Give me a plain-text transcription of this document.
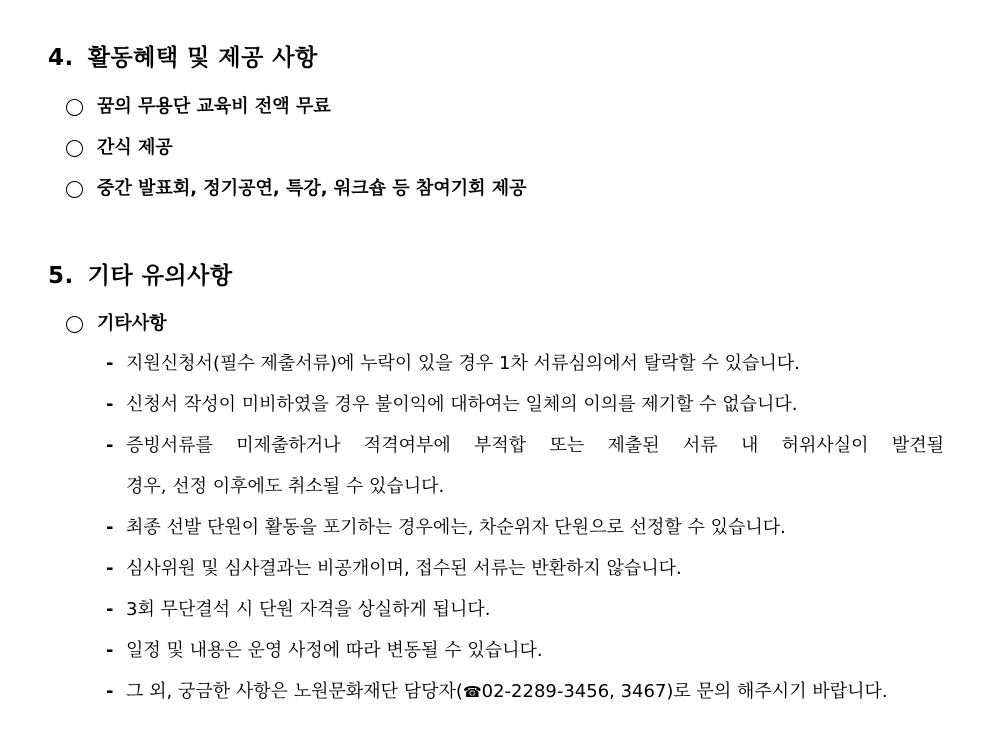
4. 활동혜택 및 제공 사항
꿈의 무용단 교육비 전액 무료
간식 제공
중간 발표회, 정기공연, 특강, 워크숍 등 참여기회 제공
5. 기타 유의사항
기타사항
- 지원신청서(필수 제출서류)에 누락이 있을 경우 1차 서류심의에서 탈락할 수 있습니다.
- 신청서 작성이 미비하였을 경우 불이익에 대하여는 일체의 이의를 제기할 수 없습니다.
- 증빙서류를 미제출하거나 적격여부에 부적합 또는 제출된 서류 내 허위사실이 발견될
경우, 선정 이후에도 취소될 수 있습니다.
- 최종 선발 단원이 활동을 포기하는 경우에는, 차순위자 단원으로 선정할 수 있습니다.
- 심사위원 및 심사결과는 비공개이며, 접수된 서류는 반환하지 않습니다.
- 3회 무단결석 시 단원 자격을 상실하게 됩니다.
- 일정 및 내용은 운영 사정에 따라 변동될 수 있습니다.
- 그 외, 궁금한 사항은 노원문화재단 담당자(☎02-2289-3456, 3467)로 문의 해주시기 바랍니다.
